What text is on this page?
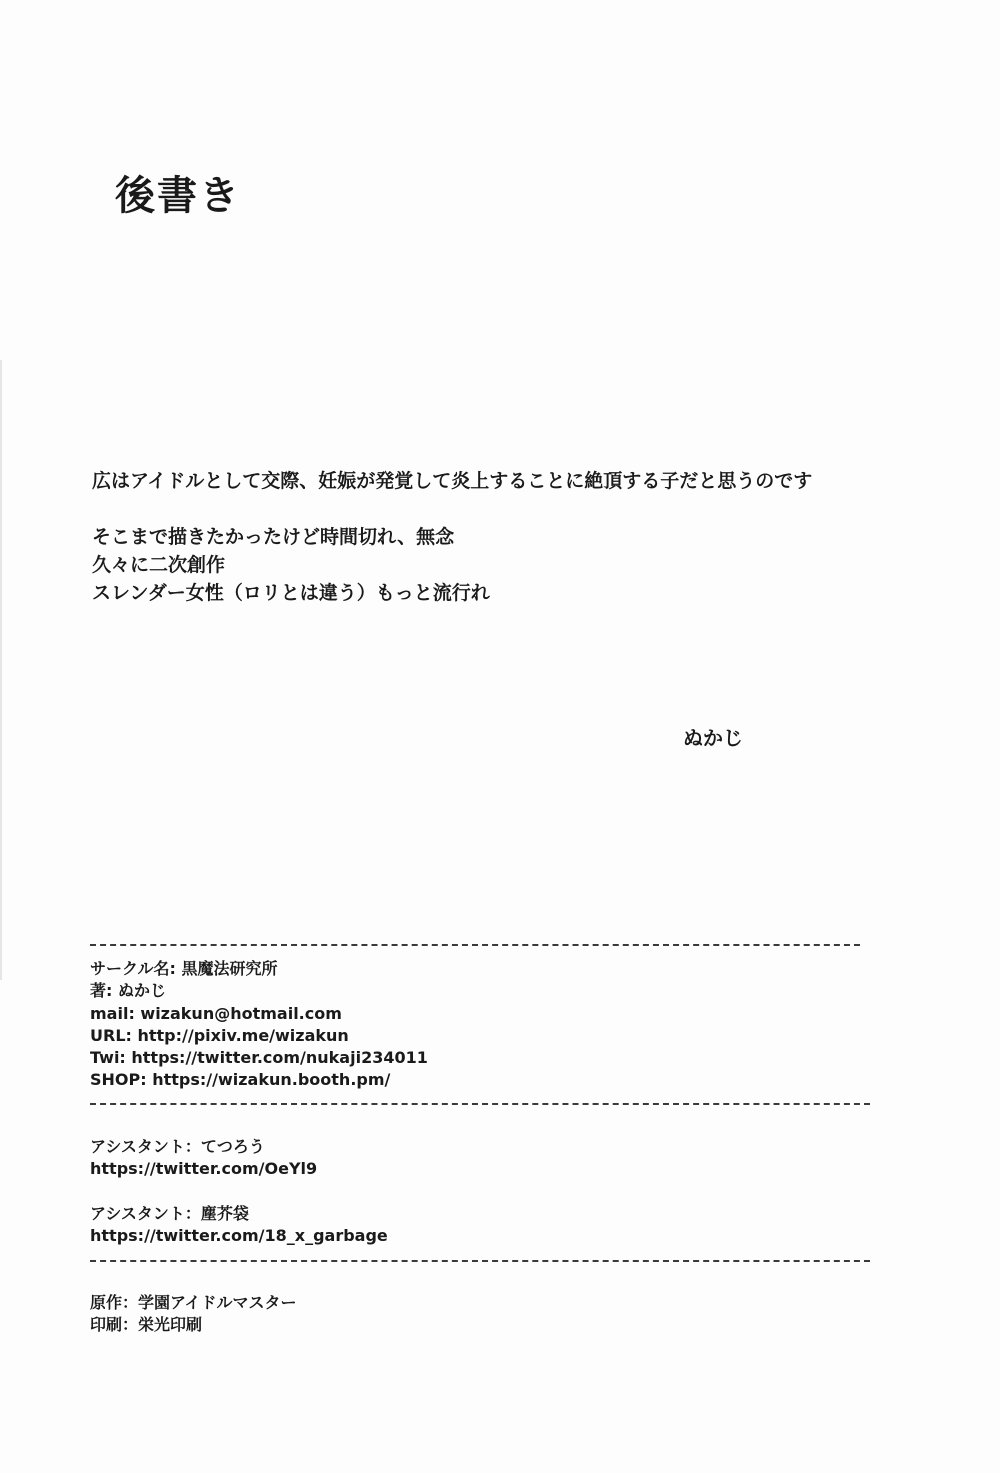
後書き
広はアイドルとして交際、妊娠が発覚して炎上することに絶頂する子だと思うのです
そこまで描きたかったけど時間切れ、無念
久々に二次創作
スレンダー女性（ロリとは違う）もっと流行れ
ぬかじ
サークル名: 黒魔法研究所
著: ぬかじ
mail: wizakun@hotmail.com
URL: http://pixiv.me/wizakun
Twi: https://twitter.com/nukaji234011
SHOP: https://wizakun.booth.pm/
アシスタント：てつろう
https://twitter.com/OeYl9
アシスタント：塵芥袋
https://twitter.com/18_x_garbage
原作：学園アイドルマスター
印刷：栄光印刷
